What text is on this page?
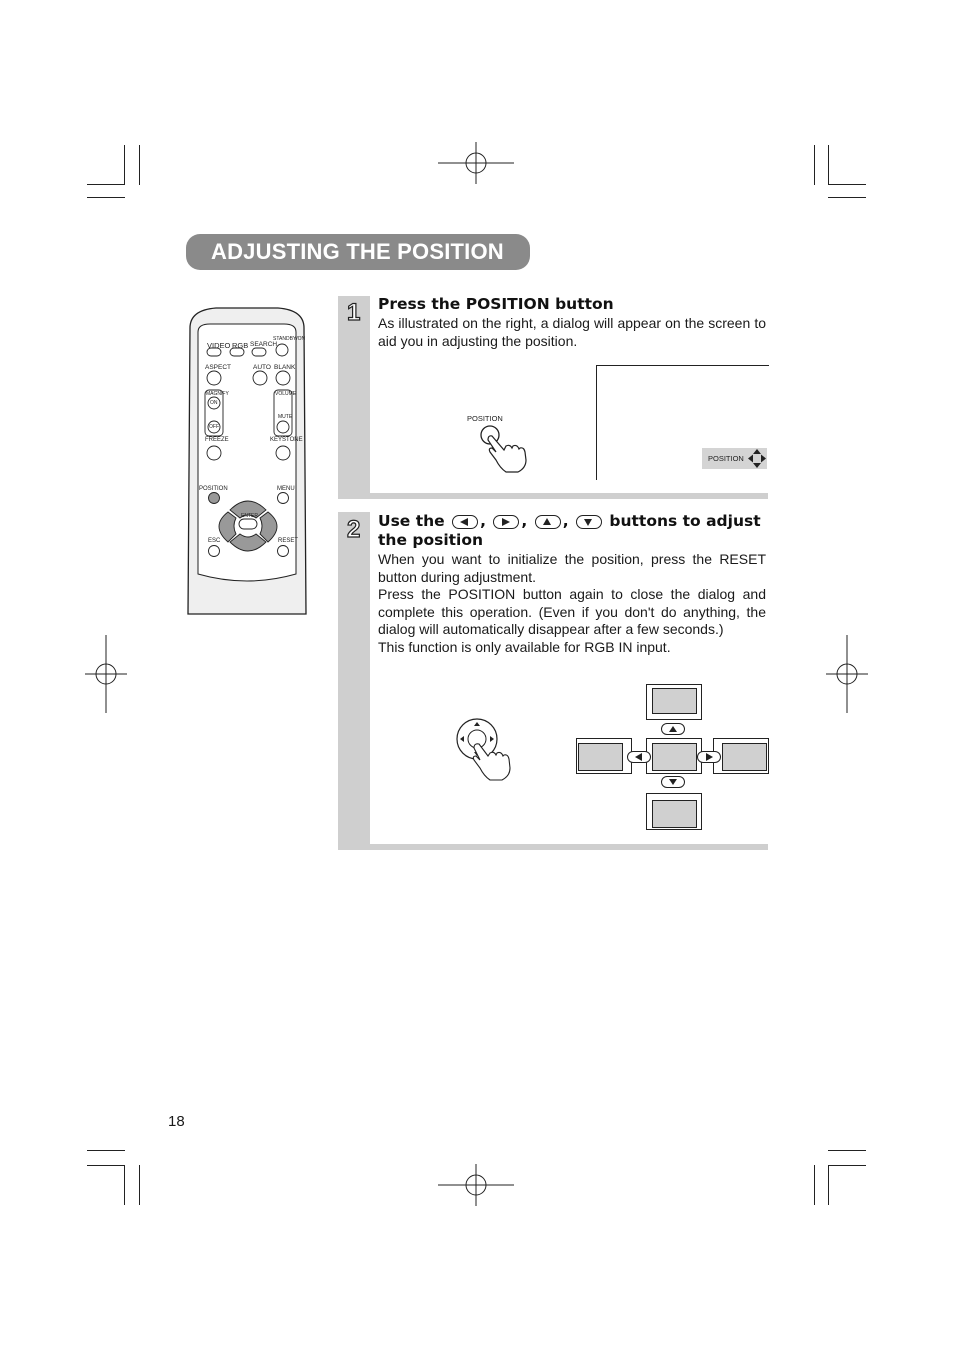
ADJUSTING THE POSITION
VIDEO RGB SEARCH
STANDBY/ON
ASPECT	AUTO BLANK
MAGNIFY
ON
OFF
VOLUME
MUTE
FREEZE	KEYSTONE
POSITION	MENU
ENTER
ESC	RESET
1 Press the POSITION button

As illustrated on the right, a dialog will appear on the screen to aid you in adjusting the position.

POSITION
POSITION
2 Use the ,
,
,
buttons to adjust
the position

When you want to initialize the position, press the RESET button during adjustment.

Press the POSITION button again to close the dialog and complete this operation. (Even if you don't do anything, the dialog will automatically disappear after a few seconds.)

This function is only available for RGB IN input.

18
